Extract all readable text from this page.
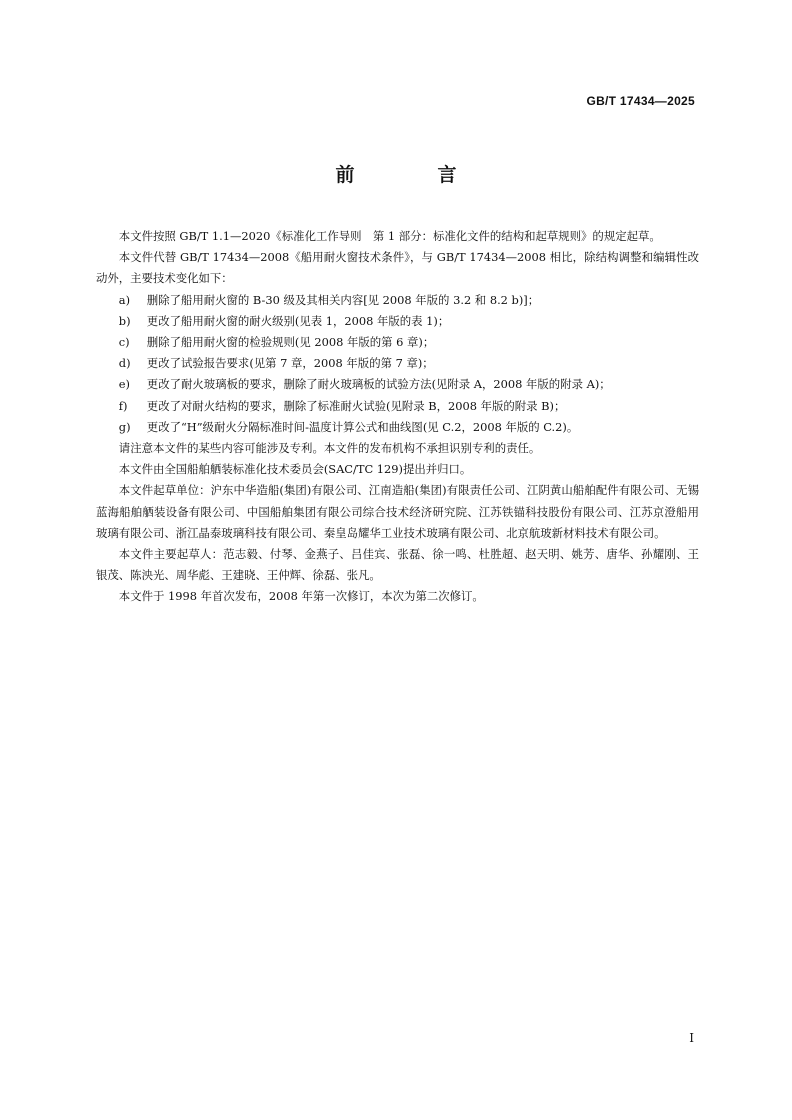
GB/T 17434—2025
前　言

本文件按照 GB/T 1.1—2020《标准化工作导则　第 1 部分：标准化文件的结构和起草规则》的规定起草。

本文件代替 GB/T 17434—2008《船用耐火窗技术条件》，与 GB/T 17434—2008 相比，除结构调整和编辑性改动外，主要技术变化如下：

a)	删除了船用耐火窗的 B-30 级及其相关内容[见 2008 年版的 3.2 和 8.2 b)]；
b)	更改了船用耐火窗的耐火级别(见表 1，2008 年版的表 1)；
c)	删除了船用耐火窗的检验规则(见 2008 年版的第 6 章)；
d)	更改了试验报告要求(见第 7 章，2008 年版的第 7 章)；
e)	更改了耐火玻璃板的要求，删除了耐火玻璃板的试验方法(见附录 A，2008 年版的附录 A)；
f)	更改了对耐火结构的要求，删除了标准耐火试验(见附录 B，2008 年版的附录 B)；
g)	更改了“H”级耐火分隔标准时间-温度计算公式和曲线图(见 C.2，2008 年版的 C.2)。

请注意本文件的某些内容可能涉及专利。本文件的发布机构不承担识别专利的责任。

本文件由全国船舶舾装标准化技术委员会(SAC/TC 129)提出并归口。

本文件起草单位：沪东中华造船(集团)有限公司、江南造船(集团)有限责任公司、江阴黄山船舶配件有限公司、无锡蓝海船舶舾装设备有限公司、中国船舶集团有限公司综合技术经济研究院、江苏铁锚科技股份有限公司、江苏京澄船用玻璃有限公司、浙江晶泰玻璃科技有限公司、秦皇岛耀华工业技术玻璃有限公司、北京航玻新材料技术有限公司。

本文件主要起草人：范志毅、付琴、金燕子、吕佳宾、张磊、徐一鸣、杜胜超、赵天明、姚芳、唐华、孙耀刚、王银茂、陈泱光、周华彪、王建晓、王仲辉、徐磊、张凡。

本文件于 1998 年首次发布，2008 年第一次修订，本次为第二次修订。

I
